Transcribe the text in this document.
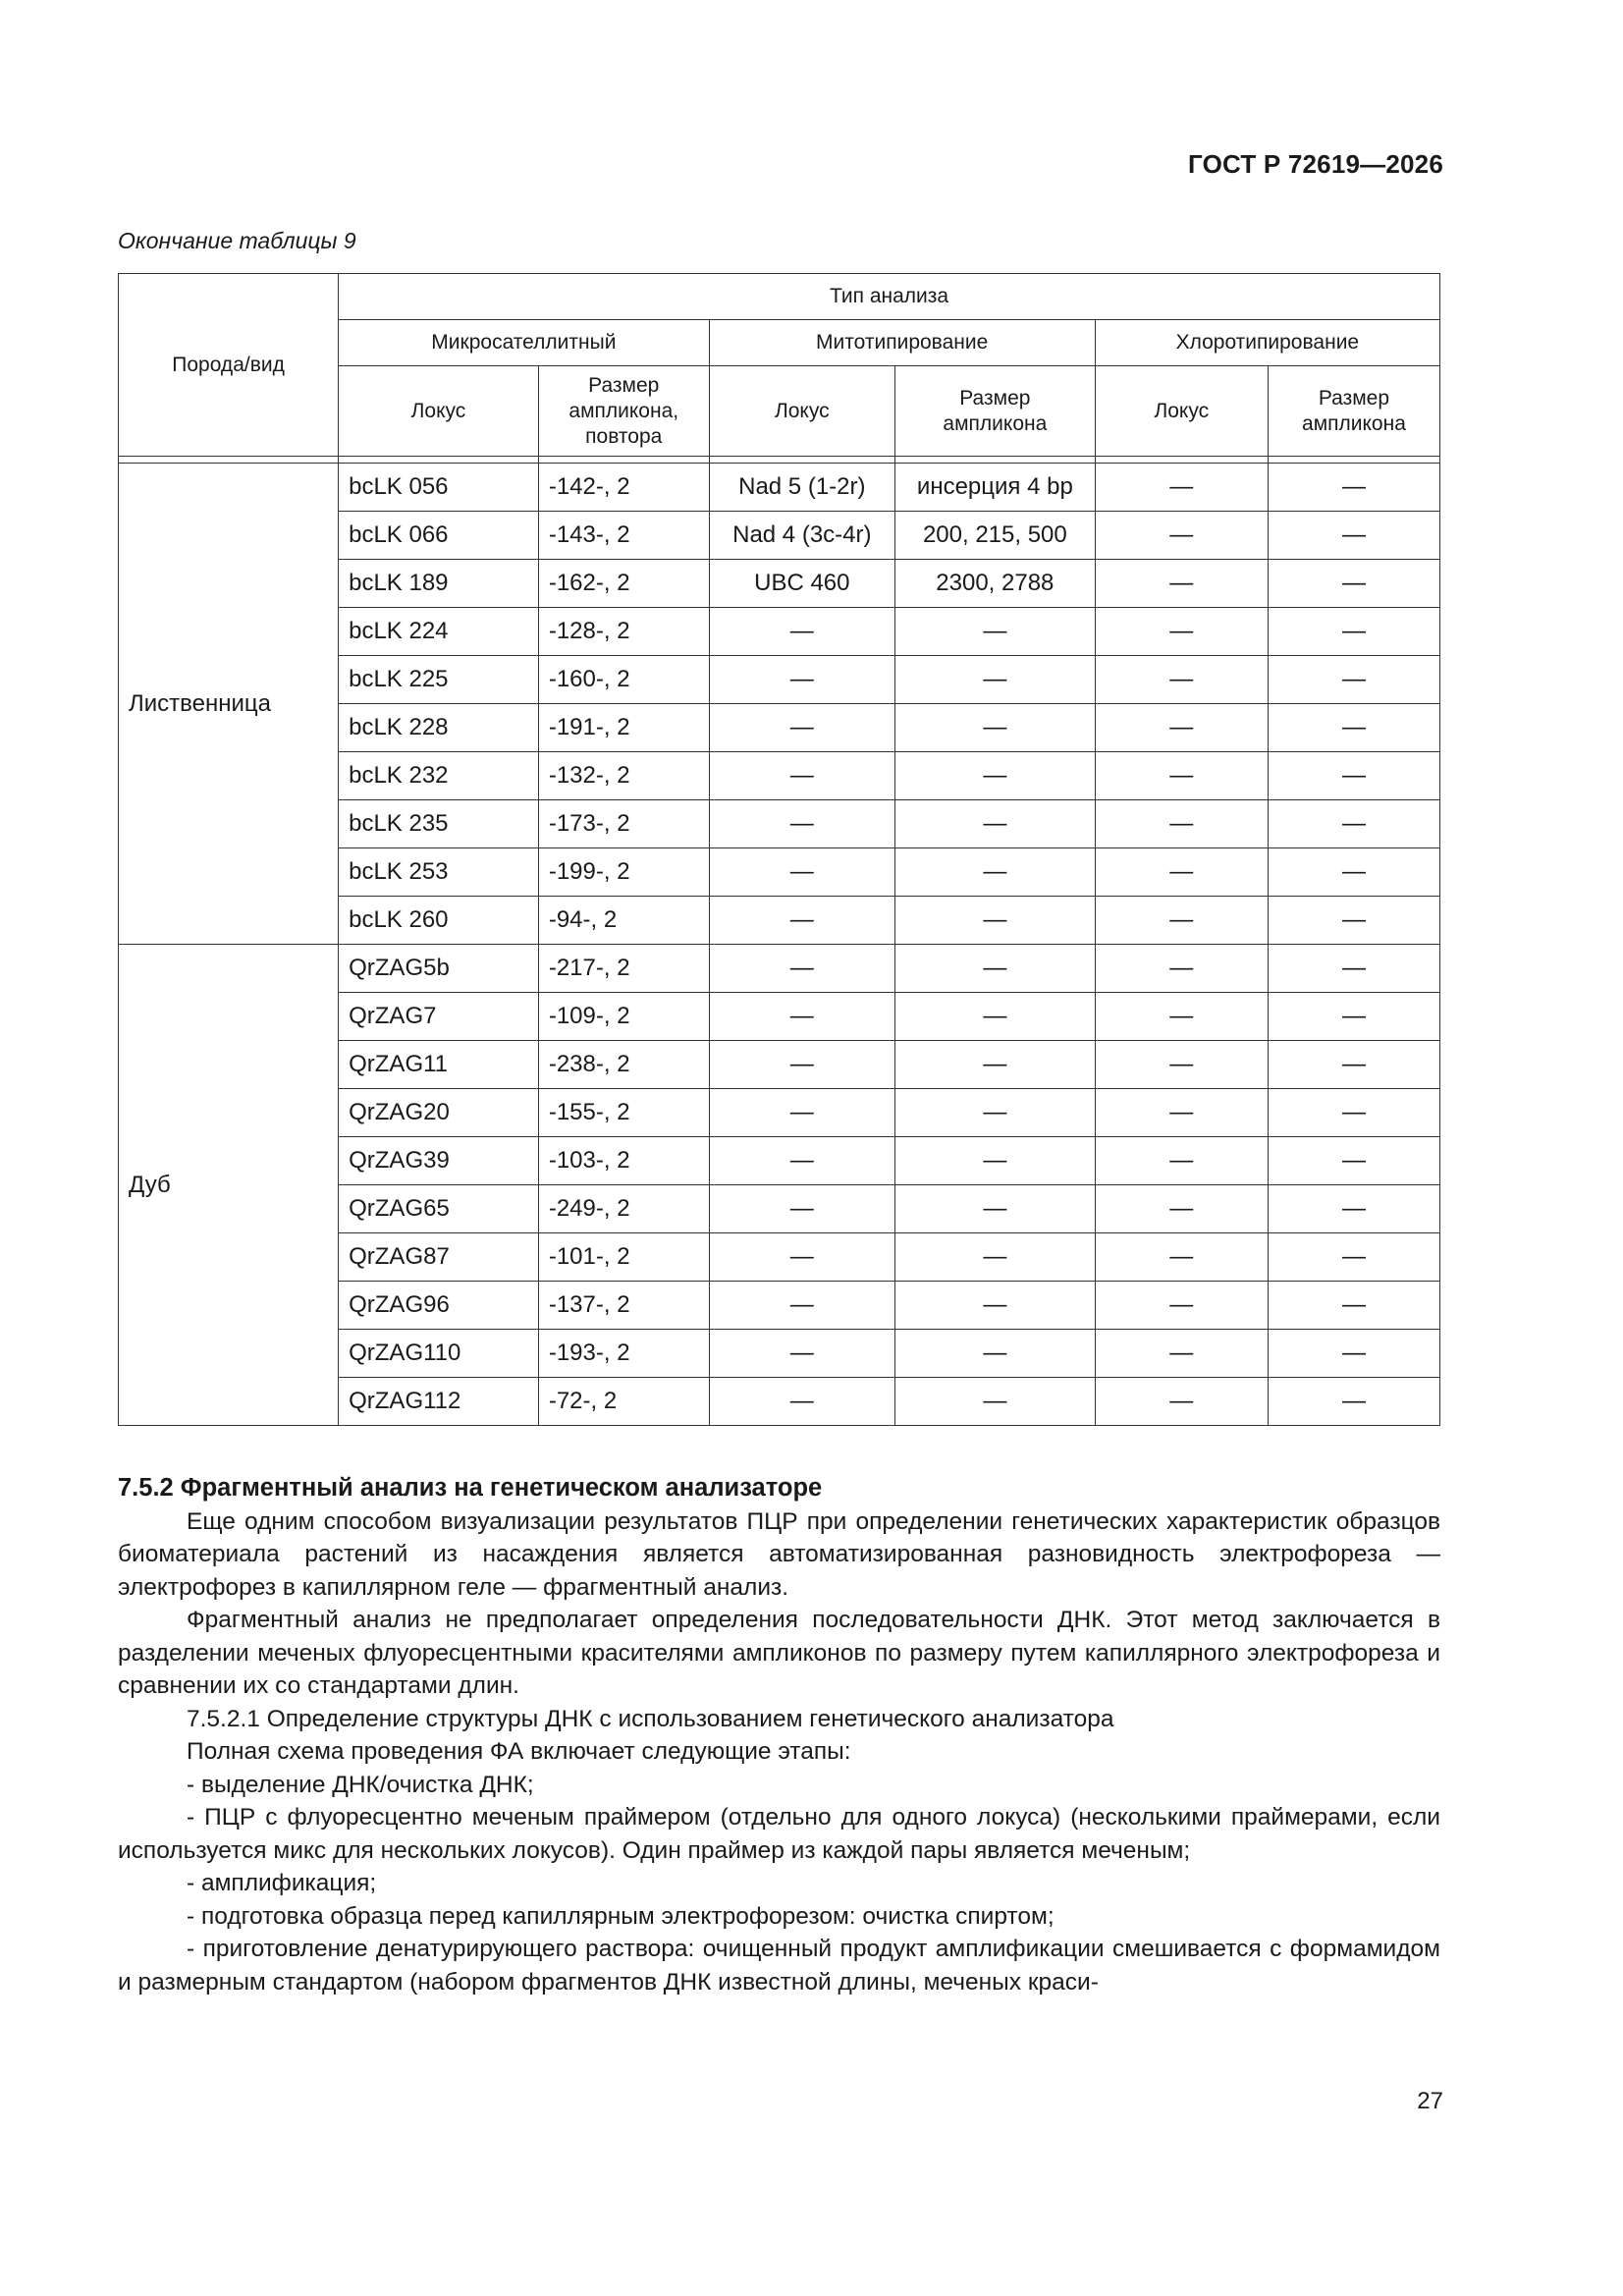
ГОСТ Р 72619—2026
Окончание таблицы 9
Порода/вид	Тип анализа					
	Микросателлитный		Митотипирование		Хлоротипирование	
	Локус	Размер ампликона, повтора	Локус	Размер ампликона	Локус	Размер ампликона

Лиственница	bcLK 056	-142-, 2	Nad 5 (1-2r)	инсерция 4 bp	—	—
	bcLK 066	-143-, 2	Nad 4 (3c-4r)	200, 215, 500	—	—
	bcLK 189	-162-, 2	UBC 460	2300, 2788	—	—
	bcLK 224	-128-, 2	—	—	—	—
	bcLK 225	-160-, 2	—	—	—	—
	bcLK 228	-191-, 2	—	—	—	—
	bcLK 232	-132-, 2	—	—	—	—
	bcLK 235	-173-, 2	—	—	—	—
	bcLK 253	-199-, 2	—	—	—	—
	bcLK 260	-94-, 2	—	—	—	—
Дуб	QrZAG5b	-217-, 2	—	—	—	—
	QrZAG7	-109-, 2	—	—	—	—
	QrZAG11	-238-, 2	—	—	—	—
	QrZAG20	-155-, 2	—	—	—	—
	QrZAG39	-103-, 2	—	—	—	—
	QrZAG65	-249-, 2	—	—	—	—
	QrZAG87	-101-, 2	—	—	—	—
	QrZAG96	-137-, 2	—	—	—	—
	QrZAG110	-193-, 2	—	—	—	—
	QrZAG112	-72-, 2	—	—	—	—

7.5.2 Фрагментный анализ на генетическом анализаторе

Еще одним способом визуализации результатов ПЦР при определении генетических характеристик образцов биоматериала растений из насаждения является автоматизированная разновидность электрофореза — электрофорез в капиллярном геле — фрагментный анализ.

Фрагментный анализ не предполагает определения последовательности ДНК. Этот метод заключается в разделении меченых флуоресцентными красителями ампликонов по размеру путем капиллярного электрофореза и сравнении их со стандартами длин.

7.5.2.1 Определение структуры ДНК с использованием генетического анализатора

Полная схема проведения ФА включает следующие этапы:

- выделение ДНК/очистка ДНК;

- ПЦР с флуоресцентно меченым праймером (отдельно для одного локуса) (несколькими праймерами, если используется микс для нескольких локусов). Один праймер из каждой пары является меченым;

- амплификация;

- подготовка образца перед капиллярным электрофорезом: очистка спиртом;

- приготовление денатурирующего раствора: очищенный продукт амплификации смешивается с формамидом и размерным стандартом (набором фрагментов ДНК известной длины, меченых краси-

27
